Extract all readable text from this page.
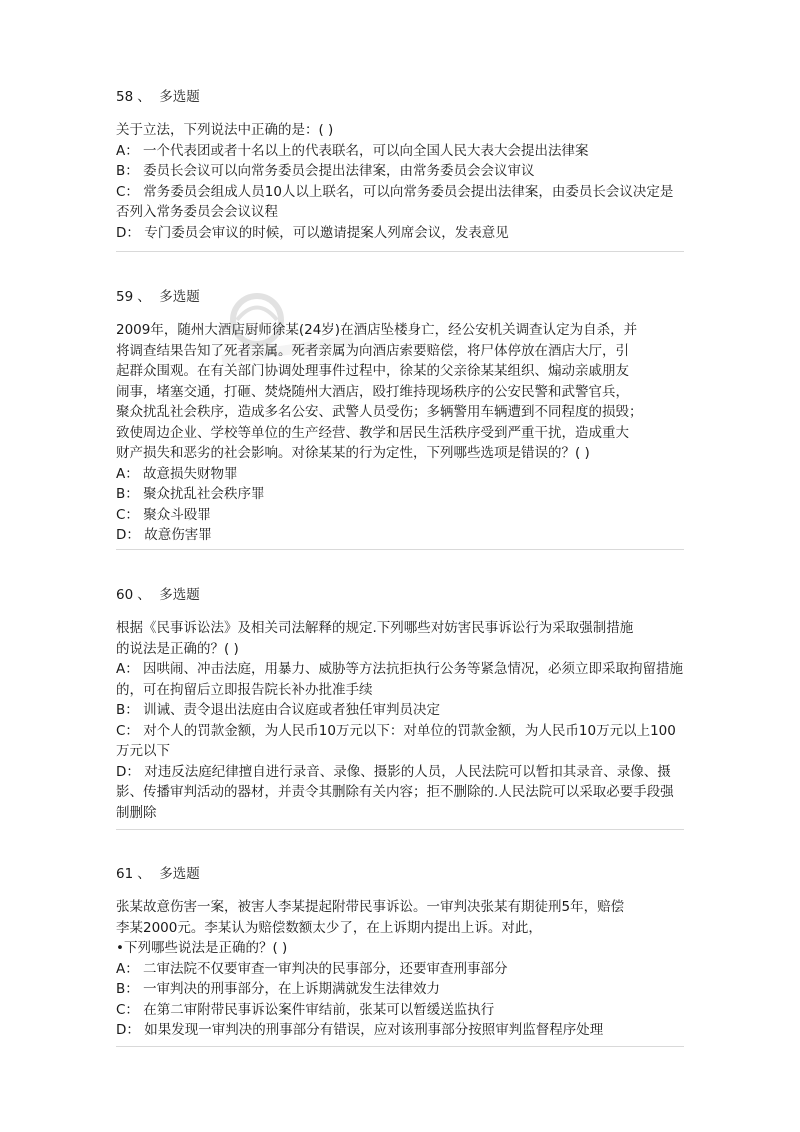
58 、 多选题
关于立法，下列说法中正确的是：( )
A： 一个代表团或者十名以上的代表联名，可以向全国人民大表大会提出法律案
B： 委员长会议可以向常务委员会提出法律案，由常务委员会会议审议
C： 常务委员会组成人员10人以上联名，可以向常务委员会提出法律案，由委员长会议决定是否列入常务委员会会议议程
D： 专门委员会审议的时候，可以邀请提案人列席会议，发表意见
59 、 多选题
2009年，随州大酒店厨师徐某(24岁)在酒店坠楼身亡，经公安机关调查认定为自杀，并
将调查结果告知了死者亲属。死者亲属为向酒店索要赔偿，将尸体停放在酒店大厅，引
起群众围观。在有关部门协调处理事件过程中，徐某的父亲徐某某组织、煽动亲戚朋友
闹事，堵塞交通，打砸、焚烧随州大酒店，殴打维持现场秩序的公安民警和武警官兵，
聚众扰乱社会秩序，造成多名公安、武警人员受伤；多辆警用车辆遭到不同程度的损毁；
致使周边企业、学校等单位的生产经营、教学和居民生活秩序受到严重干扰，造成重大
财产损失和恶劣的社会影响。对徐某某的行为定性，下列哪些选项是错误的？( )
A： 故意损失财物罪
B： 聚众扰乱社会秩序罪
C： 聚众斗殴罪
D： 故意伤害罪
60 、 多选题
根据《民事诉讼法》及相关司法解释的规定.下列哪些对妨害民事诉讼行为采取强制措施
的说法是正确的？( )
A： 因哄闹、冲击法庭，用暴力、威胁等方法抗拒执行公务等紧急情况，必须立即采取拘留措施的，可在拘留后立即报告院长补办批准手续
B： 训诫、责令退出法庭由合议庭或者独任审判员决定
C： 对个人的罚款金额，为人民币10万元以下：对单位的罚款金额，为人民币10万元以上100万元以下
D： 对违反法庭纪律擅自进行录音、录像、摄影的人员，人民法院可以暂扣其录音、录像、摄影、传播审判活动的器材，并责令其删除有关内容；拒不删除的.人民法院可以采取必要手段强制删除
61 、 多选题
张某故意伤害一案，被害人李某提起附带民事诉讼。一审判决张某有期徒刑5年，赔偿
李某2000元。李某认为赔偿数额太少了，在上诉期内提出上诉。对此，
•下列哪些说法是正确的？( )
A： 二审法院不仅要审查一审判决的民事部分，还要审查刑事部分
B： 一审判决的刑事部分，在上诉期满就发生法律效力
C： 在第二审附带民事诉讼案件审结前，张某可以暂缓送监执行
D： 如果发现一审判决的刑事部分有错误，应对该刑事部分按照审判监督程序处理
